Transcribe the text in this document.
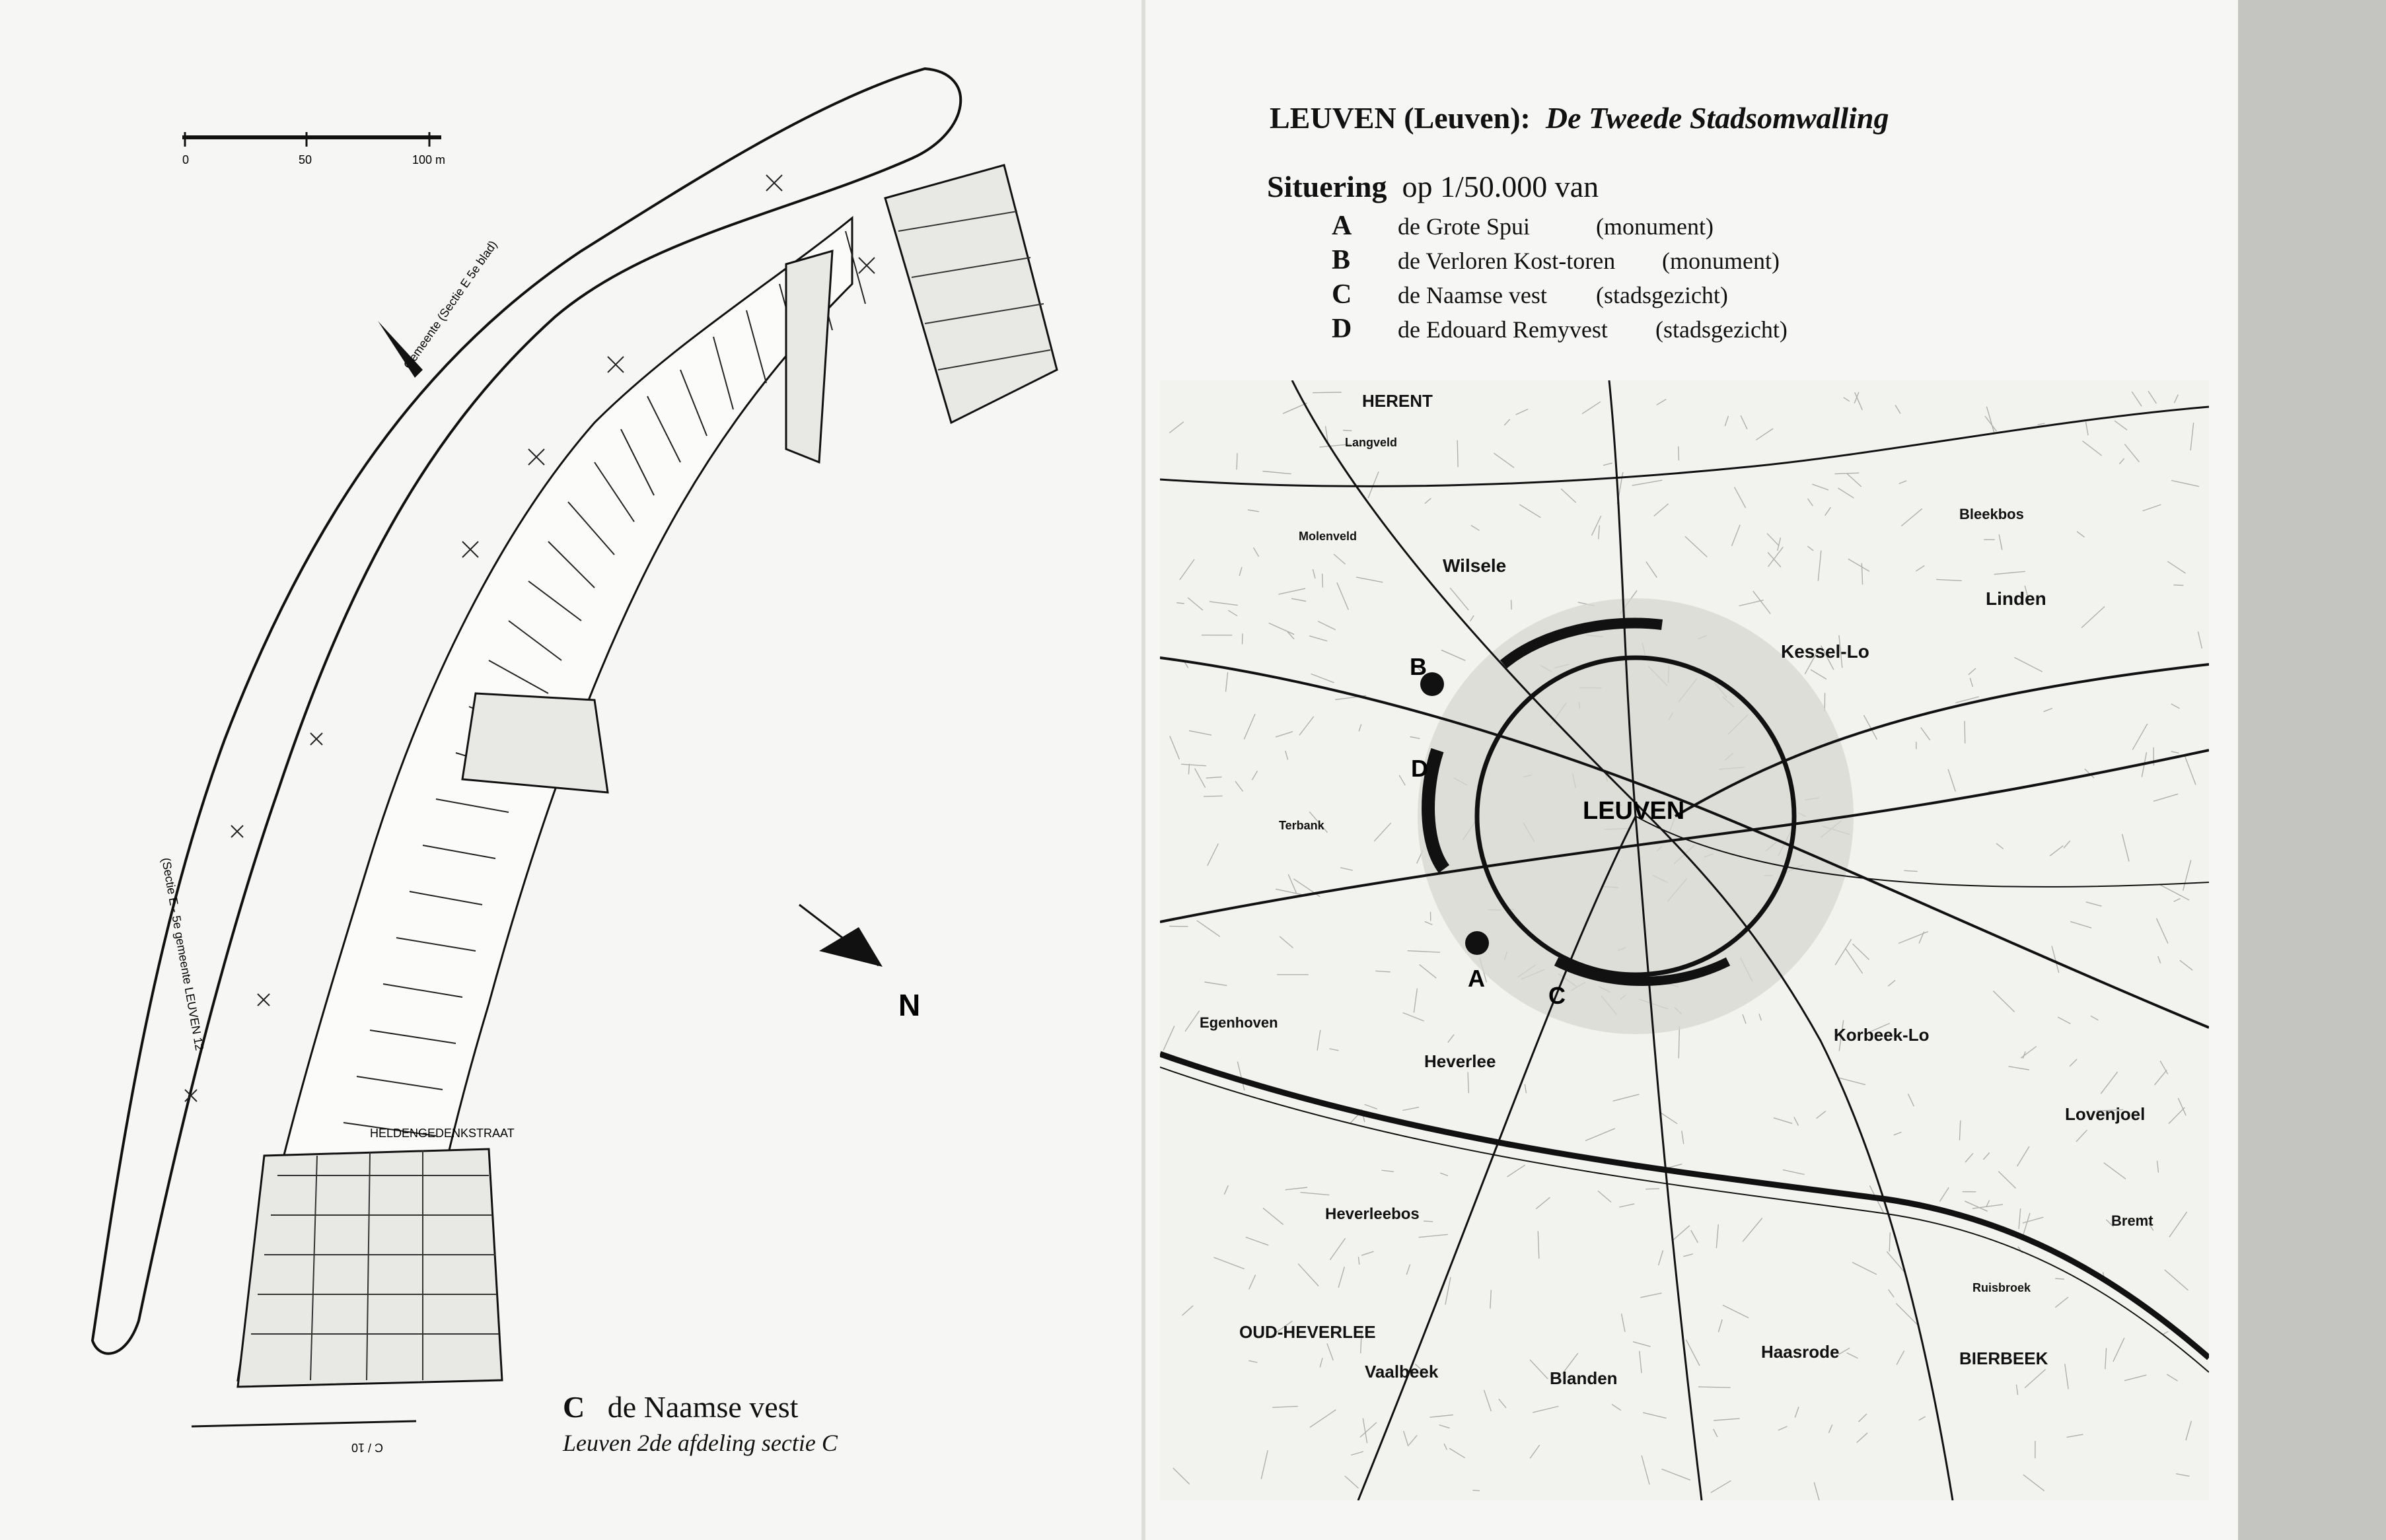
0	50	100 m
Gemeente (Sectie E 5e blad)
(Sectie E - 5e gemeente LEUVEN 12
HELDENGEDENKSTRAAT
N
C / 10
C de Naamse vest
Leuven 2de afdeling sectie C
LEUVEN (Leuven): De Tweede Stadsomwalling
Situering op 1/50.000 van
A de Grote Spui	(monument)
B de Verloren Kost-toren (monument)
C de Naamse vest (stadsgezicht)
D de Edouard Remyvest (stadsgezicht)
B
D
A
C
LEUVEN
HERENT
Wilsele
Kessel-Lo
Linden
Bleekbos
Heverlee
Korbeek-Lo
Lovenjoel
Heverleebos
OUD-HEVERLEE
Vaalbeek	Blanden
Haasrode	BIERBEEK
Egenhoven
Bremt
Langveld
Molenveld
Terbank
Ruisbroek
